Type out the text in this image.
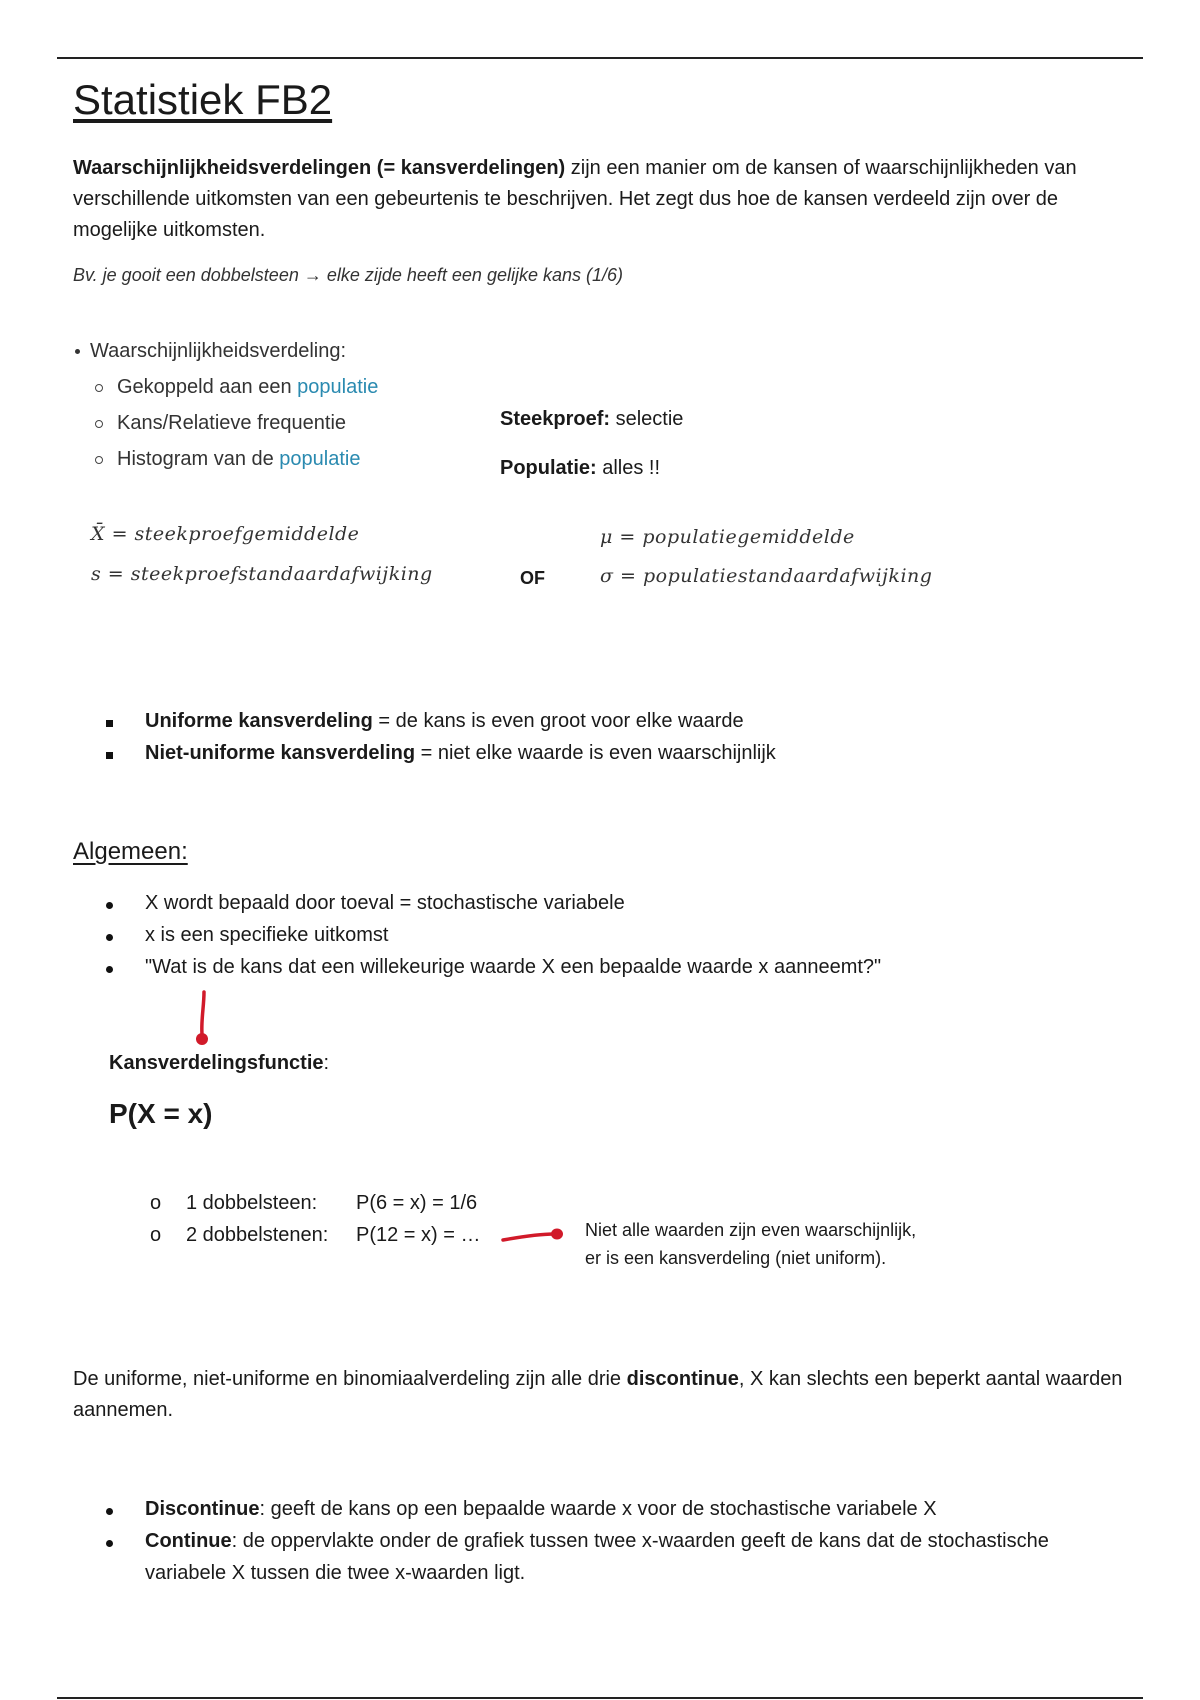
Statistiek FB2
Waarschijnlijkheidsverdelingen (= kansverdelingen) zijn een manier om de kansen of waarschijnlijkheden van verschillende uitkomsten van een gebeurtenis te beschrijven. Het zegt dus hoe de kansen verdeeld zijn over de mogelijke uitkomsten.
Bv. je gooit een dobbelsteen → elke zijde heeft een gelijke kans (1/6)
Waarschijnlijkheidsverdeling:
Gekoppeld aan een populatie
Kans/Relatieve frequentie
Histogram van de populatie
Steekproef: selectie
Populatie: alles !!
X̄ = steekproefgemiddelde
s = steekproefstandaardafwijking	OF
μ = populatiegemiddelde
σ = populatiestandaardafwijking
Uniforme kansverdeling = de kans is even groot voor elke waarde
Niet-uniforme kansverdeling = niet elke waarde is even waarschijnlijk
Algemeen:
X wordt bepaald door toeval = stochastische variabele
x is een specifieke uitkomst
"Wat is de kans dat een willekeurige waarde X een bepaalde waarde x aanneemt?"
Kansverdelingsfunctie:
P(X = x)
o	1 dobbelsteen:	P(6 = x) = 1/6
o	2 dobbelstenen:	P(12 = x) = …	Niet alle waarden zijn even waarschijnlijk,
er is een kansverdeling (niet uniform).
De uniforme, niet-uniforme en binomiaalverdeling zijn alle drie discontinue, X kan slechts een beperkt aantal waarden aannemen.
Discontinue: geeft de kans op een bepaalde waarde x voor de stochastische variabele X
Continue: de oppervlakte onder de grafiek tussen twee x-waarden geeft de kans dat de stochastische variabele X tussen die twee x-waarden ligt.
